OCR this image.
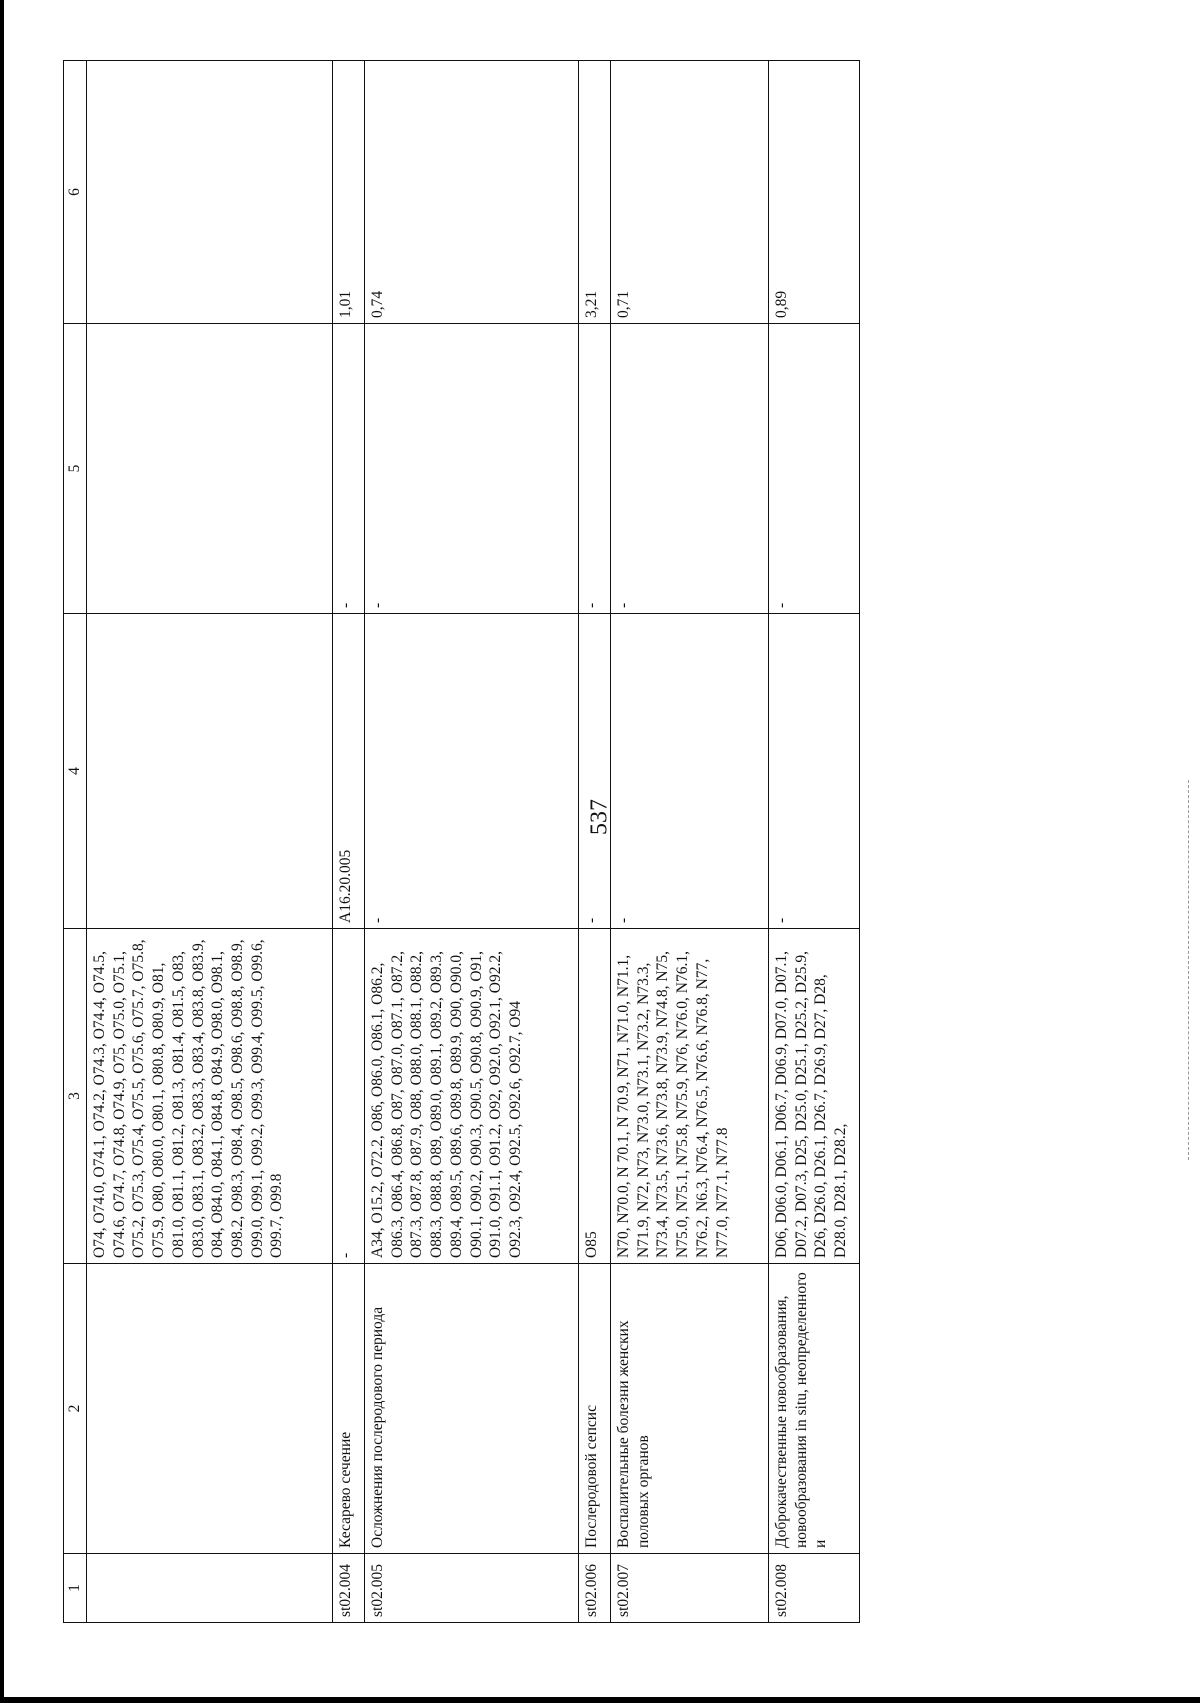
537
1	2	3	4	5	6
		O74, O74.0, O74.1, O74.2, O74.3, O74.4, O74.5, O74.6, O74.7, O74.8, O74.9, O75, O75.0, O75.1, O75.2, O75.3, O75.4, O75.5, O75.6, O75.7, O75.8, O75.9, O80, O80.0, O80.1, O80.8, O80.9, O81, O81.0, O81.1, O81.2, O81.3, O81.4, O81.5, O83, O83.0, O83.1, O83.2, O83.3, O83.4, O83.8, O83.9, O84, O84.0, O84.1, O84.8, O84.9, O98.0, O98.1, O98.2, O98.3, O98.4, O98.5, O98.6, O98.8, O98.9, O99.0, O99.1, O99.2, O99.3, O99.4, O99.5, O99.6, O99.7, O99.8			
st02.004	Кесарево сечение	-	A16.20.005	-	1,01
st02.005	Осложнения послеродового периода	A34, O15.2, O72.2, O86, O86.0, O86.1, O86.2, O86.3, O86.4, O86.8, O87, O87.0, O87.1, O87.2, O87.3, O87.8, O87.9, O88, O88.0, O88.1, O88.2, O88.3, O88.8, O89, O89.0, O89.1, O89.2, O89.3, O89.4, O89.5, O89.6, O89.8, O89.9, O90, O90.0, O90.1, O90.2, O90.3, O90.5, O90.8, O90.9, O91, O91.0, O91.1, O91.2, O92, O92.0, O92.1, O92.2, O92.3, O92.4, O92.5, O92.6, O92.7, O94	-	-	0,74
st02.006	Послеродовой сепсис	O85	-	-	3,21
st02.007	Воспалительные болезни женских половых органов	N70, N70.0, N 70.1, N 70.9, N71, N71.0, N71.1, N71.9, N72, N73, N73.0, N73.1, N73.2, N73.3, N73.4, N73.5, N73.6, N73.8, N73.9, N74.8, N75, N75.0, N75.1, N75.8, N75.9, N76, N76.0, N76.1, N76.2, N6.3, N76.4, N76.5, N76.6, N76.8, N77, N77.0, N77.1, N77.8	-	-	0,71
st02.008	Доброкачественные новообразования, новообразования in situ, неопределенного и	D06, D06.0, D06.1, D06.7, D06.9, D07.0, D07.1, D07.2, D07.3, D25, D25.0, D25.1, D25.2, D25.9, D26, D26.0, D26.1, D26.7, D26.9, D27, D28, D28.0, D28.1, D28.2,	-	-	0,89
